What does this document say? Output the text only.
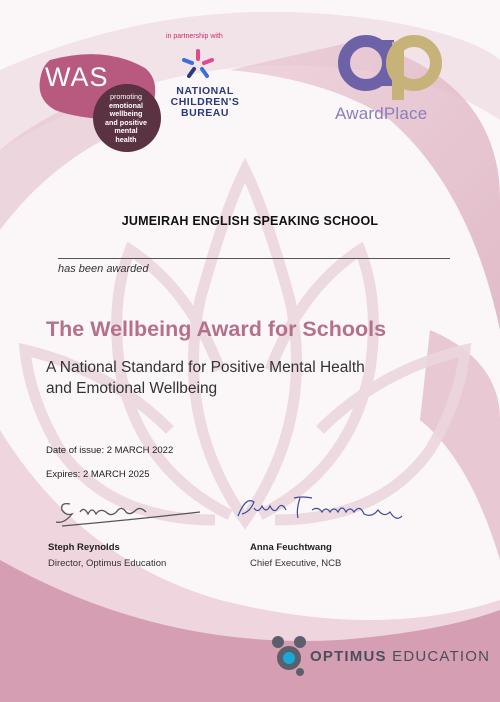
WAS
promoting
emotional
wellbeing
and positive
mental
health
in partnership with
NATIONAL
CHILDREN'S
BUREAU	AwardPlace
JUMEIRAH ENGLISH SPEAKING SCHOOL
has been awarded
The Wellbeing Award for Schools
A National Standard for Positive Mental Health
and Emotional Wellbeing
Date of issue: 2 MARCH 2022
Expires: 2 MARCH 2025
Steph Reynolds
Director, Optimus Education
Anna Feuchtwang
Chief Executive, NCB
OPTIMUS EDUCATION
